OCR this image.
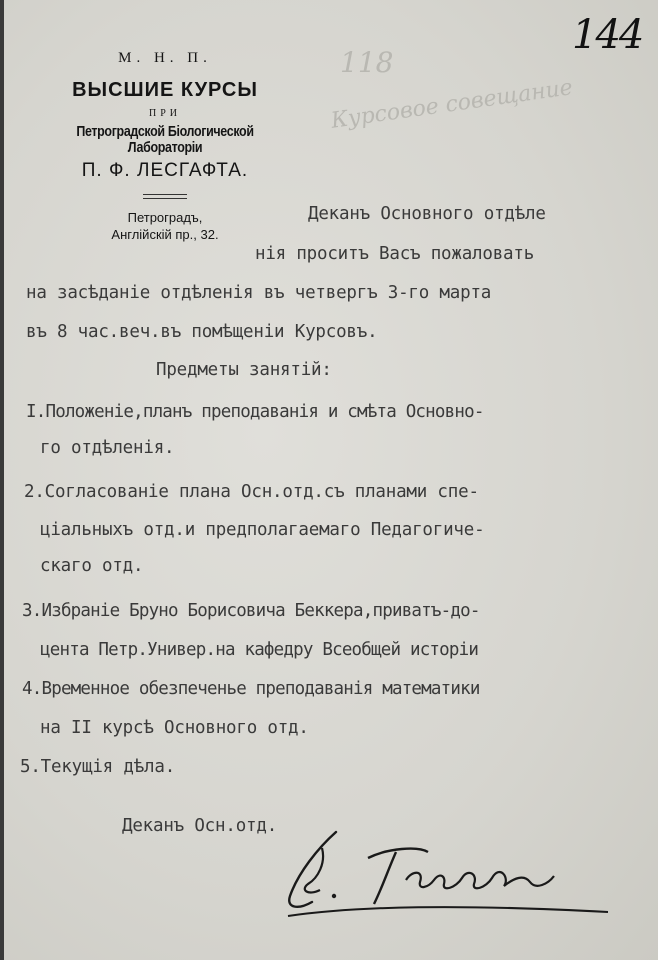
118
Курсовое совещание
144
М. Н. П.
ВЫСШИЕ КУРСЫ
ПРИ
Петроградской Біологической Лабораторіи
П. Ф. ЛЕСГАФТА.
Петроградъ,
Англійскій пр., 32.
Деканъ Основного отдѣле
нія проситъ Васъ пожаловать
на засѣданіе отдѣленія въ четвергъ 3-го марта
въ 8 час.веч.въ помѣщеніи Курсовъ.
Предметы занятій:
I.Положеніе,планъ преподаванія и смѣта Основно-
го отдѣленія.
2.Согласованіе плана Осн.отд.съ планами спе-
ціальныхъ отд.и предполагаемаго Педагогиче-
скаго отд.
3.Избраніе Бруно Борисовича Беккера,приватъ-до-
цента Петр.Универ.на кафедру Всеобщей исторіи
4.Временное обезпеченье преподаванія математики
на II курсѣ Основного отд.
5.Текущія дѣла.
Деканъ Осн.отд.
К. Гахтарев
